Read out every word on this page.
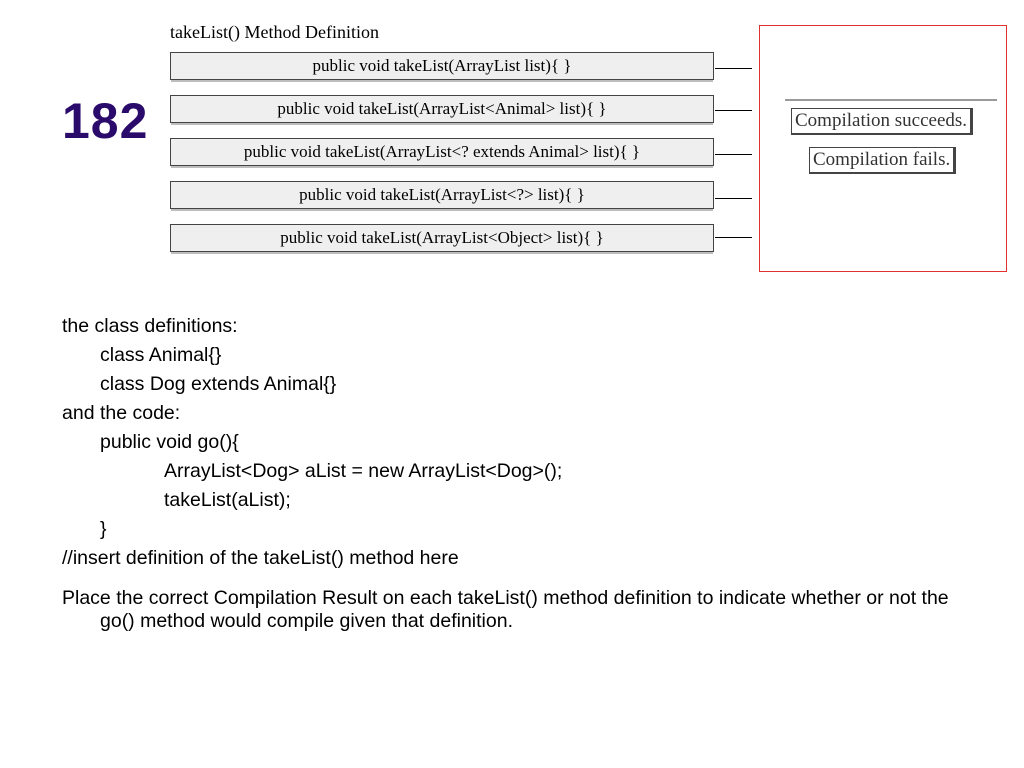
182
takeList() Method Definition
public void takeList(ArrayList list){ }
public void takeList(ArrayList<Animal> list){ }
public void takeList(ArrayList<? extends Animal> list){ }
public void takeList(ArrayList<?> list){ }
public void takeList(ArrayList<Object> list){ }
Compilation succeeds.
Compilation fails.
the class definitions:
class Animal{}
class Dog extends Animal{}
and the code:
public void go(){
ArrayList<Dog> aList = new ArrayList<Dog>();
takeList(aList);
}
//insert definition of the takeList() method here
Place the correct Compilation Result on each takeList() method definition to indicate whether or not the go() method would compile given that definition.
